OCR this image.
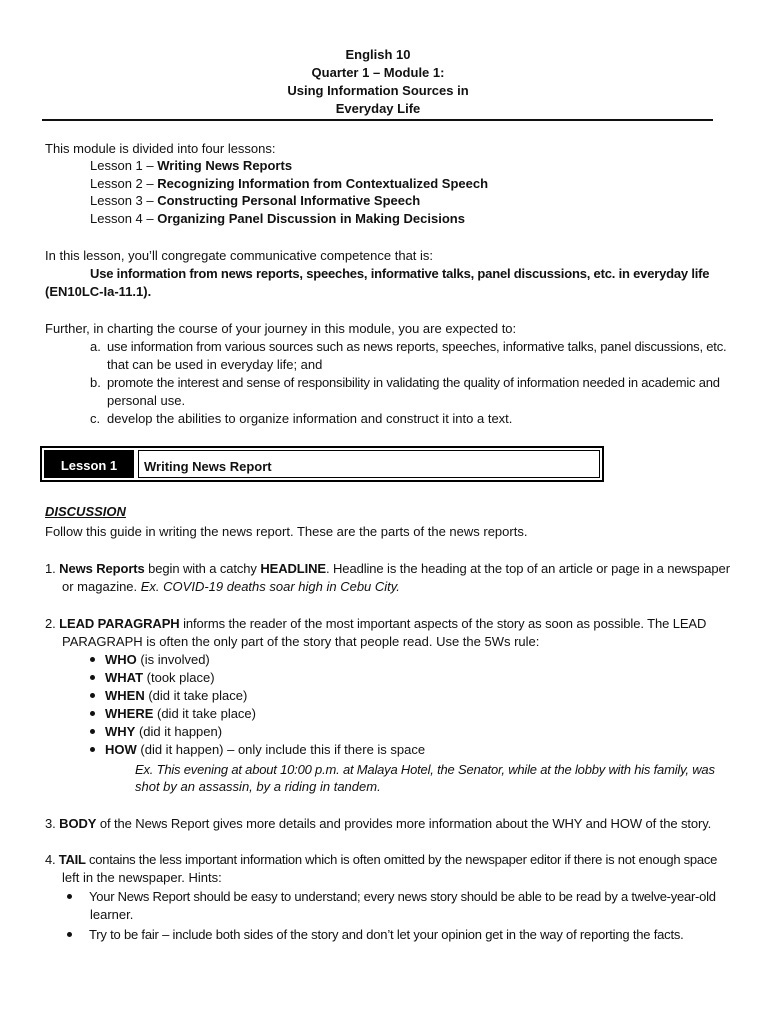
English 10
Quarter 1 – Module 1:
Using Information Sources in
Everyday Life
This module is divided into four lessons:
Lesson 1 – Writing News Reports
Lesson 2 – Recognizing Information from Contextualized Speech
Lesson 3 – Constructing Personal Informative Speech
Lesson 4 – Organizing Panel Discussion in Making Decisions
In this lesson, you’ll congregate communicative competence that is:
Use information from news reports, speeches, informative talks, panel discussions, etc. in everyday life
(EN10LC-Ia-11.1).
Further, in charting the course of your journey in this module, you are expected to:
a. use information from various sources such as news reports, speeches, informative talks, panel discussions, etc.
that can be used in everyday life; and
b. promote the interest and sense of responsibility in validating the quality of information needed in academic and
personal use.
c. develop the abilities to organize information and construct it into a text.
Lesson 1	Writing News Report
DISCUSSION
Follow this guide in writing the news report. These are the parts of the news reports.
1. News Reports begin with a catchy HEADLINE. Headline is the heading at the top of an article or page in a newspaper
or magazine. Ex. COVID-19 deaths soar high in Cebu City.
2. LEAD PARAGRAPH informs the reader of the most important aspects of the story as soon as possible. The LEAD
PARAGRAPH is often the only part of the story that people read. Use the 5Ws rule:
WHO (is involved)
WHAT (took place)
WHEN (did it take place)
WHERE (did it take place)
WHY (did it happen)
HOW (did it happen) – only include this if there is space
Ex. This evening at about 10:00 p.m. at Malaya Hotel, the Senator, while at the lobby with his family, was
shot by an assassin, by a riding in tandem.
3. BODY of the News Report gives more details and provides more information about the WHY and HOW of the story.
4. TAIL contains the less important information which is often omitted by the newspaper editor if there is not enough space
left in the newspaper. Hints:
Your News Report should be easy to understand; every news story should be able to be read by a twelve-year-old
learner.
Try to be fair – include both sides of the story and don’t let your opinion get in the way of reporting the facts.
